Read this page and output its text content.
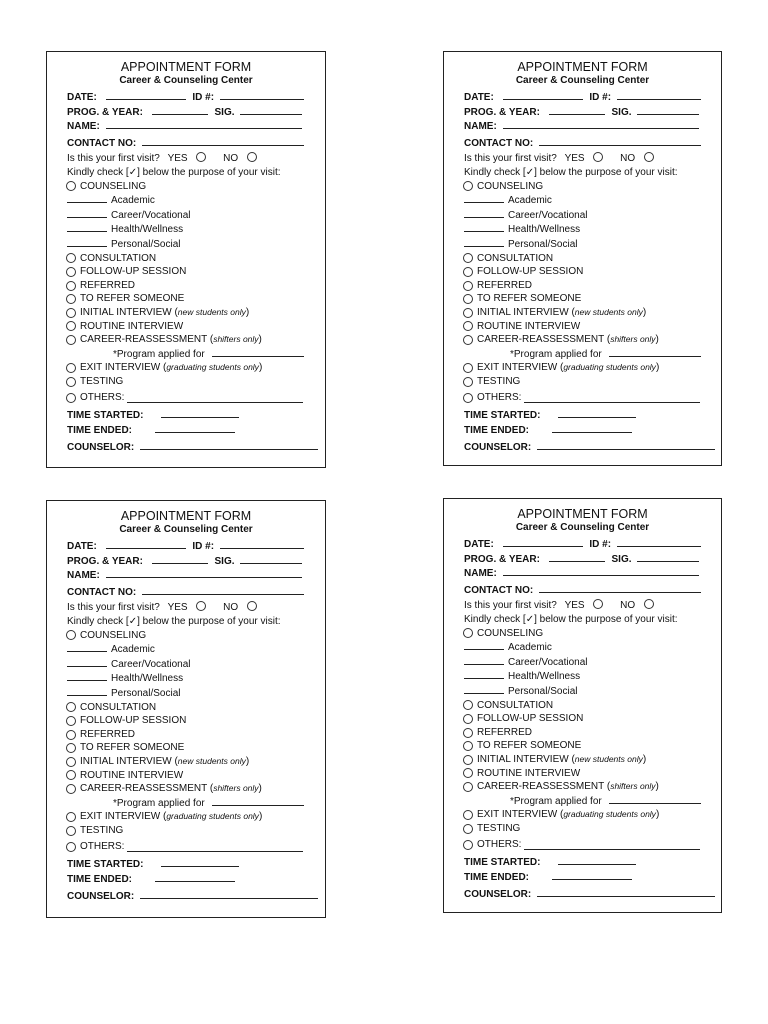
APPOINTMENT FORM
Career & Counseling Center
DATE:	ID #:
PROG. & YEAR:	SIG.
NAME:
CONTACT NO:
Is this your first visit? YES	NO
Kindly check [✓] below the purpose of your visit:
COUNSELING
Academic
Career/Vocational
Health/Wellness
Personal/Social
CONSULTATION
FOLLOW-UP SESSION
REFERRED
TO REFER SOMEONE
INITIAL INTERVIEW ( new students only )
ROUTINE INTERVIEW
CAREER-REASSESSMENT ( shifters only )
*Program applied for
EXIT INTERVIEW ( graduating students only )
TESTING
OTHERS:
TIME STARTED:
TIME ENDED:
COUNSELOR:
APPOINTMENT FORM
Career & Counseling Center
DATE:	ID #:
PROG. & YEAR:	SIG.
NAME:
CONTACT NO:
Is this your first visit? YES	NO
Kindly check [✓] below the purpose of your visit:
COUNSELING
Academic
Career/Vocational
Health/Wellness
Personal/Social
CONSULTATION
FOLLOW-UP SESSION
REFERRED
TO REFER SOMEONE
INITIAL INTERVIEW ( new students only )
ROUTINE INTERVIEW
CAREER-REASSESSMENT ( shifters only )
*Program applied for
EXIT INTERVIEW ( graduating students only )
TESTING
OTHERS:
TIME STARTED:
TIME ENDED:
COUNSELOR:
APPOINTMENT FORM
Career & Counseling Center
DATE:	ID #:
PROG. & YEAR:	SIG.
NAME:
CONTACT NO:
Is this your first visit? YES	NO
Kindly check [✓] below the purpose of your visit:
COUNSELING
Academic
Career/Vocational
Health/Wellness
Personal/Social
CONSULTATION
FOLLOW-UP SESSION
REFERRED
TO REFER SOMEONE
INITIAL INTERVIEW ( new students only )
ROUTINE INTERVIEW
CAREER-REASSESSMENT ( shifters only )
*Program applied for
EXIT INTERVIEW ( graduating students only )
TESTING
OTHERS:
TIME STARTED:
TIME ENDED:
COUNSELOR:
APPOINTMENT FORM
Career & Counseling Center
DATE:	ID #:
PROG. & YEAR:	SIG.
NAME:
CONTACT NO:
Is this your first visit? YES	NO
Kindly check [✓] below the purpose of your visit:
COUNSELING
Academic
Career/Vocational
Health/Wellness
Personal/Social
CONSULTATION
FOLLOW-UP SESSION
REFERRED
TO REFER SOMEONE
INITIAL INTERVIEW ( new students only )
ROUTINE INTERVIEW
CAREER-REASSESSMENT ( shifters only )
*Program applied for
EXIT INTERVIEW ( graduating students only )
TESTING
OTHERS:
TIME STARTED:
TIME ENDED:
COUNSELOR:
